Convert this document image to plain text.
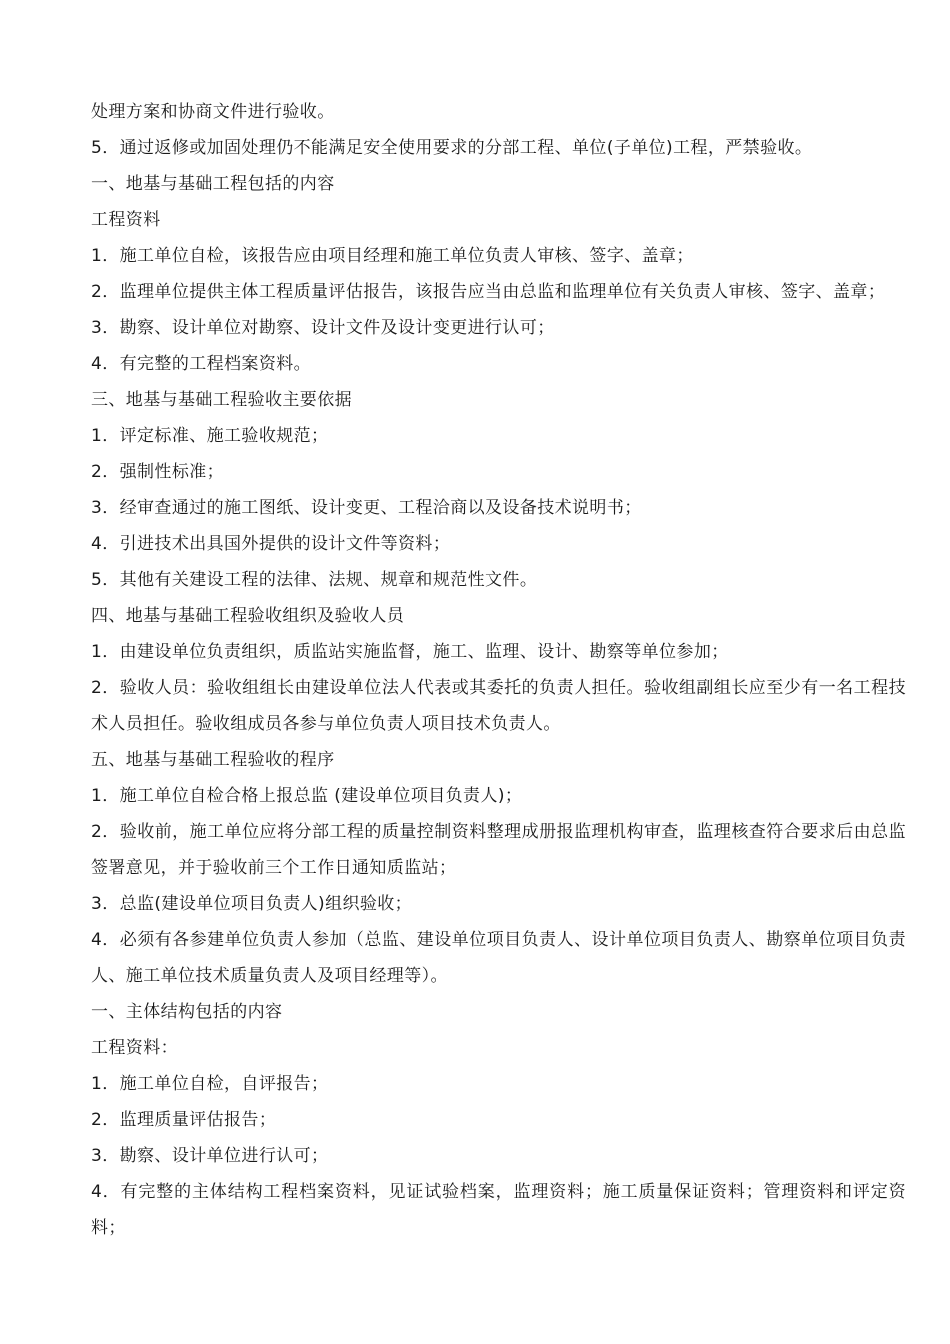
处理方案和协商文件进行验收。

5．通过返修或加固处理仍不能满足安全使用要求的分部工程、单位(子单位)工程，严禁验收。

一、地基与基础工程包括的内容

工程资料

1．施工单位自检，该报告应由项目经理和施工单位负责人审核、签字、盖章；

2．监理单位提供主体工程质量评估报告，该报告应当由总监和监理单位有关负责人审核、签字、盖章；

3．勘察、设计单位对勘察、设计文件及设计变更进行认可；

4．有完整的工程档案资料。

三、地基与基础工程验收主要依据

1．评定标准、施工验收规范；

2．强制性标准；

3．经审查通过的施工图纸、设计变更、工程洽商以及设备技术说明书；

4．引进技术出具国外提供的设计文件等资料；

5．其他有关建设工程的法律、法规、规章和规范性文件。

四、地基与基础工程验收组织及验收人员

1．由建设单位负责组织，质监站实施监督，施工、监理、设计、勘察等单位参加；

2．验收人员：验收组组长由建设单位法人代表或其委托的负责人担任。验收组副组长应至少有一名工程技术人员担任。验收组成员各参与单位负责人项目技术负责人。

五、地基与基础工程验收的程序

1．施工单位自检合格上报总监 (建设单位项目负责人)；

2．验收前，施工单位应将分部工程的质量控制资料整理成册报监理机构审查，监理核查符合要求后由总监签署意见，并于验收前三个工作日通知质监站；

3．总监(建设单位项目负责人)组织验收；

4．必须有各参建单位负责人参加（总监、建设单位项目负责人、设计单位项目负责人、勘察单位项目负责人、施工单位技术质量负责人及项目经理等）。

一、主体结构包括的内容

工程资料：

1．施工单位自检，自评报告；

2．监理质量评估报告；

3．勘察、设计单位进行认可；

4．有完整的主体结构工程档案资料，见证试验档案，监理资料；施工质量保证资料；管理资料和评定资料；
